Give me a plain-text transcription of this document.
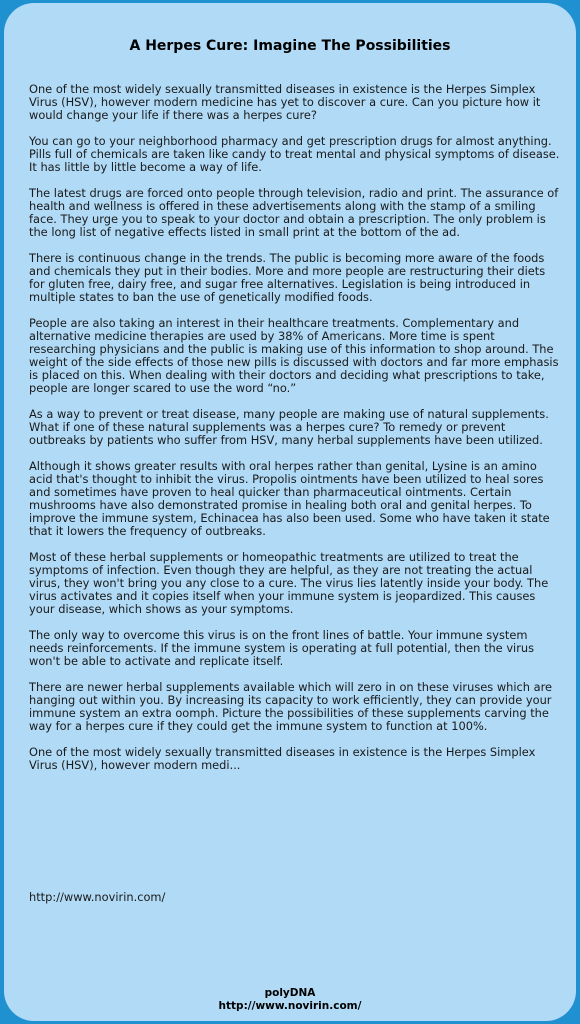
A Herpes Cure: Imagine The Possibilities

One of the most widely sexually transmitted diseases in existence is the Herpes Simplex Virus (HSV), however modern medicine has yet to discover a cure. Can you picture how it would change your life if there was a herpes cure?

You can go to your neighborhood pharmacy and get prescription drugs for almost anything. Pills full of chemicals are taken like candy to treat mental and physical symptoms of disease. It has little by little become a way of life.

The latest drugs are forced onto people through television, radio and print. The assurance of health and wellness is offered in these advertisements along with the stamp of a smiling face. They urge you to speak to your doctor and obtain a prescription. The only problem is the long list of negative effects listed in small print at the bottom of the ad.

There is continuous change in the trends. The public is becoming more aware of the foods and chemicals they put in their bodies. More and more people are restructuring their diets for gluten free, dairy free, and sugar free alternatives. Legislation is being introduced in multiple states to ban the use of genetically modified foods.

People are also taking an interest in their healthcare treatments. Complementary and alternative medicine therapies are used by 38% of Americans. More time is spent researching physicians and the public is making use of this information to shop around. The weight of the side effects of those new pills is discussed with doctors and far more emphasis is placed on this. When dealing with their doctors and deciding what prescriptions to take, people are longer scared to use the word “no.”

As a way to prevent or treat disease, many people are making use of natural supplements. What if one of these natural supplements was a herpes cure? To remedy or prevent outbreaks by patients who suffer from HSV, many herbal supplements have been utilized.

Although it shows greater results with oral herpes rather than genital, Lysine is an amino acid that's thought to inhibit the virus. Propolis ointments have been utilized to heal sores and sometimes have proven to heal quicker than pharmaceutical ointments. Certain mushrooms have also demonstrated promise in healing both oral and genital herpes. To improve the immune system, Echinacea has also been used. Some who have taken it state that it lowers the frequency of outbreaks.

Most of these herbal supplements or homeopathic treatments are utilized to treat the symptoms of infection. Even though they are helpful, as they are not treating the actual virus, they won't bring you any close to a cure. The virus lies latently inside your body. The virus activates and it copies itself when your immune system is jeopardized. This causes your disease, which shows as your symptoms.

The only way to overcome this virus is on the front lines of battle. Your immune system needs reinforcements. If the immune system is operating at full potential, then the virus won't be able to activate and replicate itself.

There are newer herbal supplements available which will zero in on these viruses which are hanging out within you. By increasing its capacity to work efficiently, they can provide your immune system an extra oomph. Picture the possibilities of these supplements carving the way for a herpes cure if they could get the immune system to function at 100%.

One of the most widely sexually transmitted diseases in existence is the Herpes Simplex Virus (HSV), however modern medi...

http://www.novirin.com/
polyDNA
http://www.novirin.com/
